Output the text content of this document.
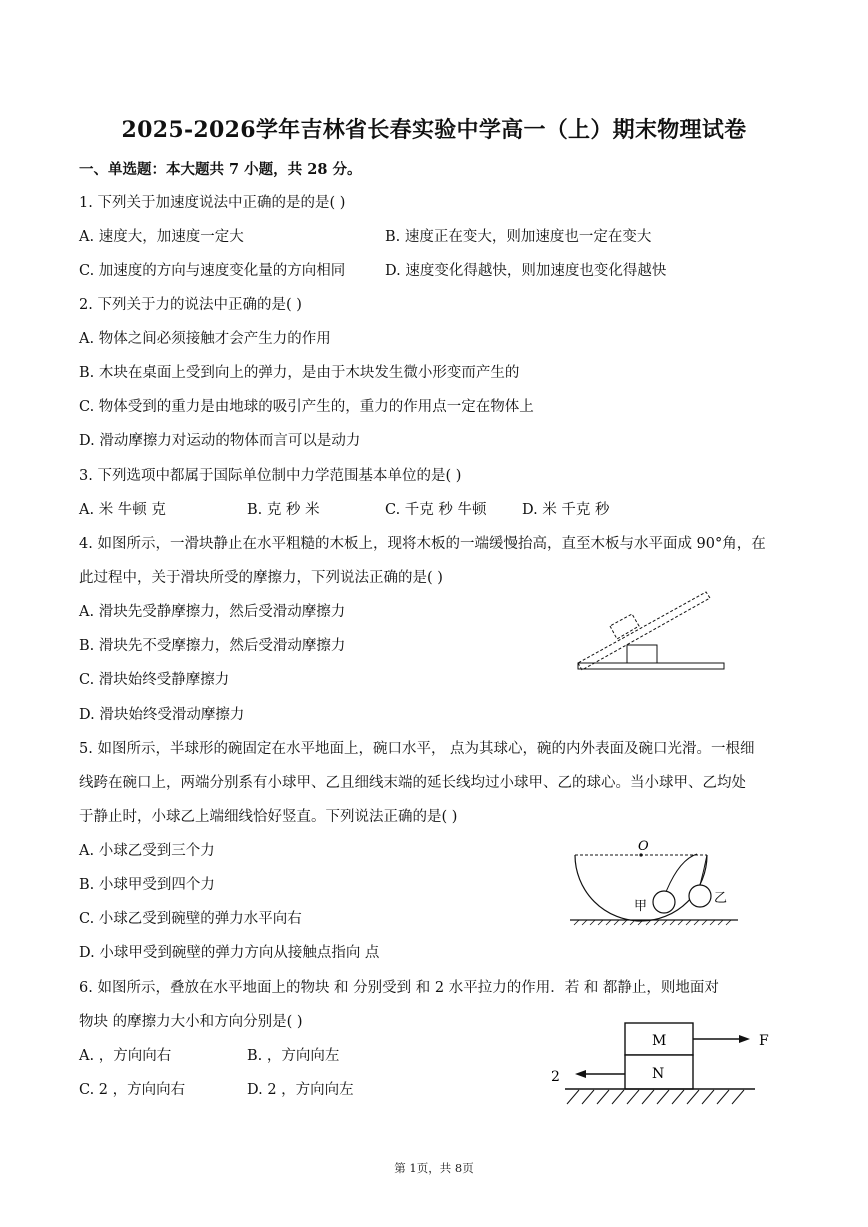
2025-2026学年吉林省长春实验中学高一（上）期末物理试卷
一、单选题：本大题共 7 小题，共 28 分。
1. 下列关于加速度说法中正确的是的是( )
A. 速度大，加速度一定大	B. 速度正在变大，则加速度也一定在变大
C. 加速度的方向与速度变化量的方向相同	D. 速度变化得越快，则加速度也变化得越快
2. 下列关于力的说法中正确的是( )
A. 物体之间必须接触才会产生力的作用
B. 木块在桌面上受到向上的弹力，是由于木块发生微小形变而产生的
C. 物体受到的重力是由地球的吸引产生的，重力的作用点一定在物体上
D. 滑动摩擦力对运动的物体而言可以是动力
3. 下列选项中都属于国际单位制中力学范围基本单位的是( )
A. 米 牛顿 克	B. 克 秒 米	C. 千克 秒 牛顿 D. 米 千克 秒
4. 如图所示，一滑块静止在水平粗糙的木板上，现将木板的一端缓慢抬高，直至木板与水平面成 90°角，在
此过程中，关于滑块所受的摩擦力，下列说法正确的是( )
A. 滑块先受静摩擦力，然后受滑动摩擦力
B. 滑块先不受摩擦力，然后受滑动摩擦力
C. 滑块始终受静摩擦力
D. 滑块始终受滑动摩擦力
5. 如图所示，半球形的碗固定在水平地面上，碗口水平， 点为其球心，碗的内外表面及碗口光滑。一根细
线跨在碗口上，两端分别系有小球甲、乙且细线末端的延长线均过小球甲、乙的球心。当小球甲、乙均处
于静止时，小球乙上端细线恰好竖直。下列说法正确的是( )
A. 小球乙受到三个力
B. 小球甲受到四个力
C. 小球乙受到碗壁的弹力水平向右
D. 小球甲受到碗壁的弹力方向从接触点指向 点
O
甲
乙
6. 如图所示，叠放在水平地面上的物块 和 分别受到 和 2 水平拉力的作用．若 和 都静止，则地面对
物块 的摩擦力大小和方向分别是( )
A. ，方向向右	B. ，方向向左
C. 2 ，方向向右	D. 2 ，方向向左
M
N
F
2
第 1页，共 8页
